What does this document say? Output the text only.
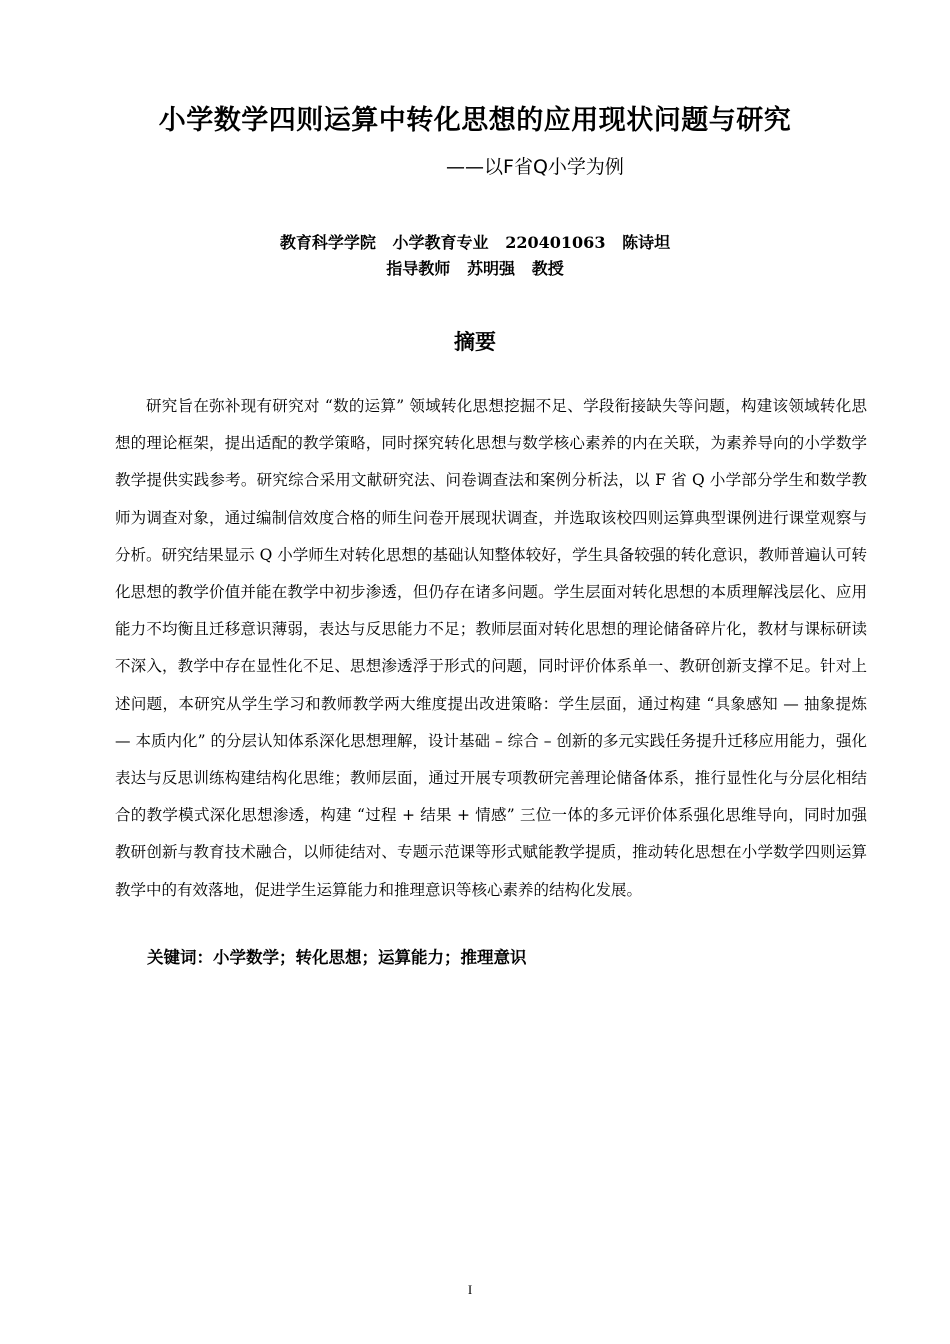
小学数学四则运算中转化思想的应用现状问题与研究
——以F省Q小学为例
教育科学学院   小学教育专业   220401063   陈诗坦
指导教师   苏明强   教授
摘要

研究旨在弥补现有研究对 “数的运算” 领域转化思想挖掘不足、学段衔接缺失等问题，构建该领域转化思想的理论框架，提出适配的教学策略，同时探究转化思想与数学核心素养的内在关联，为素养导向的小学数学教学提供实践参考。研究综合采用文献研究法、问卷调查法和案例分析法，以 F 省 Q 小学部分学生和数学教师为调查对象，通过编制信效度合格的师生问卷开展现状调查，并选取该校四则运算典型课例进行课堂观察与分析。研究结果显示 Q 小学师生对转化思想的基础认知整体较好，学生具备较强的转化意识，教师普遍认可转化思想的教学价值并能在教学中初步渗透，但仍存在诸多问题。学生层面对转化思想的本质理解浅层化、应用能力不均衡且迁移意识薄弱，表达与反思能力不足；教师层面对转化思想的理论储备碎片化，教材与课标研读不深入，教学中存在显性化不足、思想渗透浮于形式的问题，同时评价体系单一、教研创新支撑不足。针对上述问题，本研究从学生学习和教师教学两大维度提出改进策略：学生层面，通过构建 “具象感知 — 抽象提炼 — 本质内化” 的分层认知体系深化思想理解，设计基础 – 综合 – 创新的多元实践任务提升迁移应用能力，强化表达与反思训练构建结构化思维；教师层面，通过开展专项教研完善理论储备体系，推行显性化与分层化相结合的教学模式深化思想渗透，构建 “过程 + 结果 + 情感” 三位一体的多元评价体系强化思维导向，同时加强教研创新与教育技术融合，以师徒结对、专题示范课等形式赋能教学提质，推动转化思想在小学数学四则运算教学中的有效落地，促进学生运算能力和推理意识等核心素养的结构化发展。

关键词：小学数学；转化思想；运算能力；推理意识
I
